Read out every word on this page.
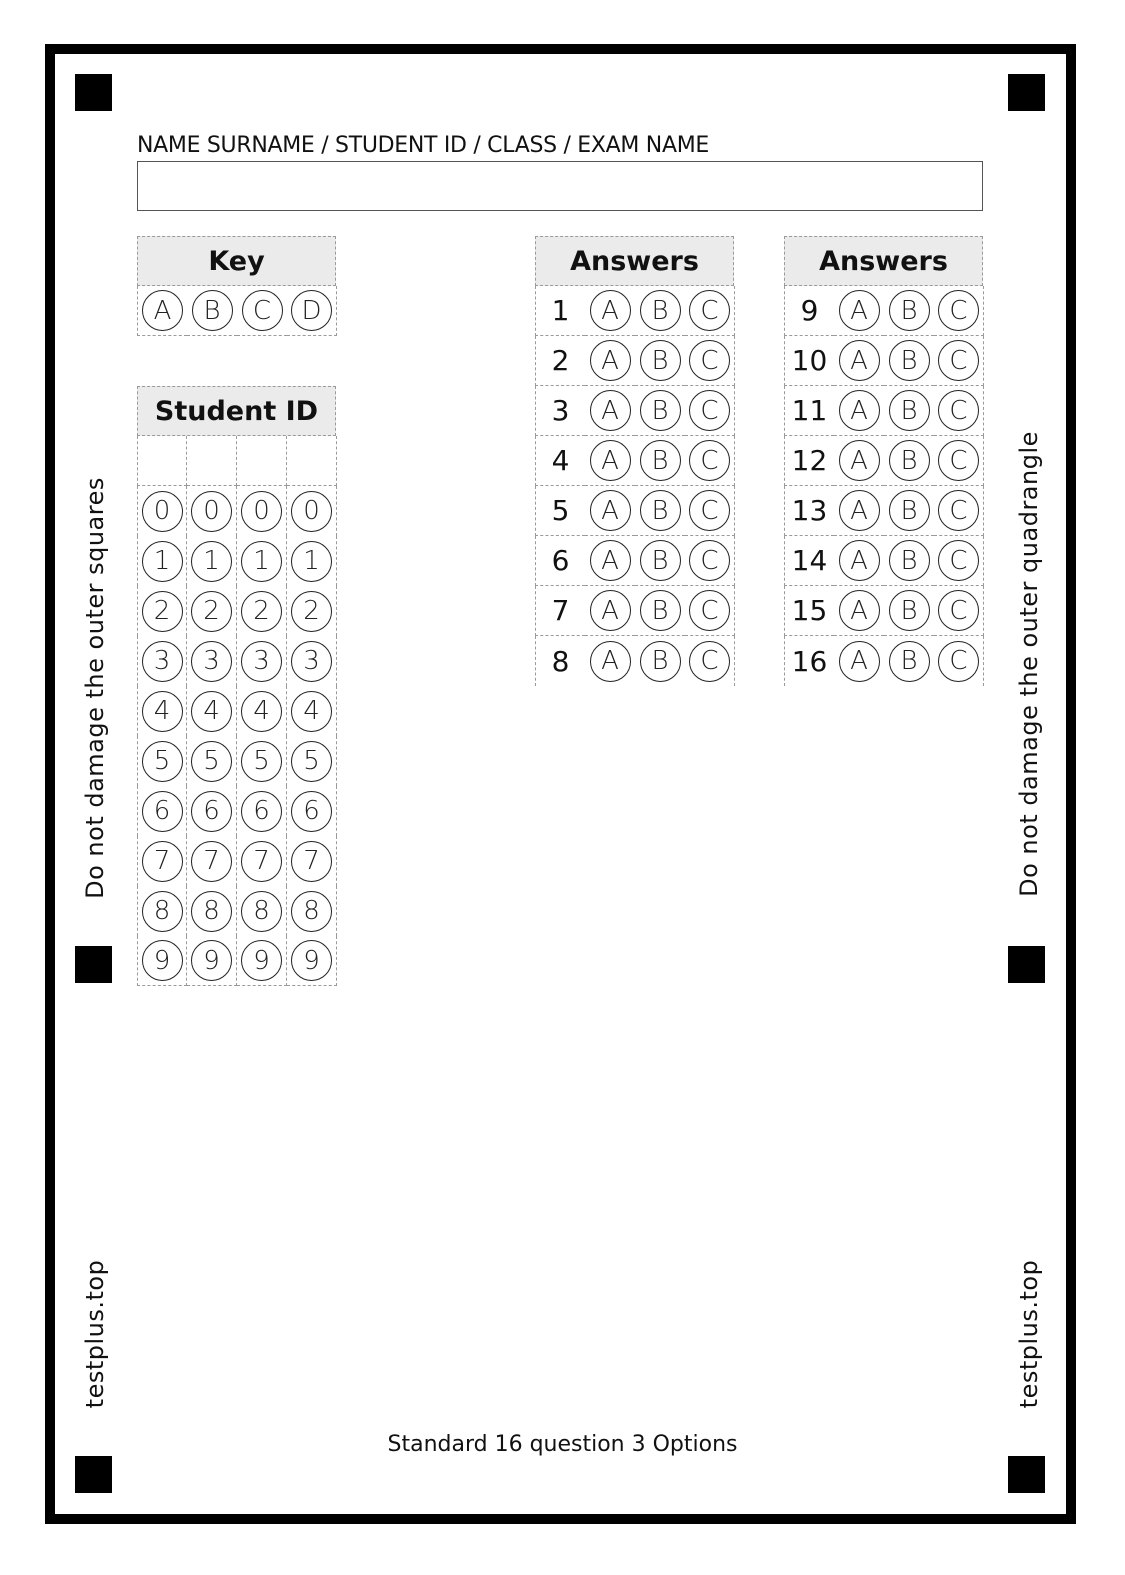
Do not damage the outer squares	Do not damage the outer quadrangle
testplus.top	testplus.top
NAME SURNAME / STUDENT ID / CLASS / EXAM NAME
Key
A	B	C	D
Student ID
0	0	0	0
1	1	1	1
2	2	2	2
3	3	3	3
4	4	4	4
5	5	5	5
6	6	6	6
7	7	7	7
8	8	8	8
9	9	9	9
Answers
1	A	B	C
2	A	B	C
3	A	B	C
4	A	B	C
5	A	B	C
6	A	B	C
7	A	B	C
8	A	B	C
Answers
9	A	B	C
10 A	B	C
11 A	B	C
12 A	B	C
13 A	B	C
14 A	B	C
15 A	B	C
16 A	B	C
Standard 16 question 3 Options
